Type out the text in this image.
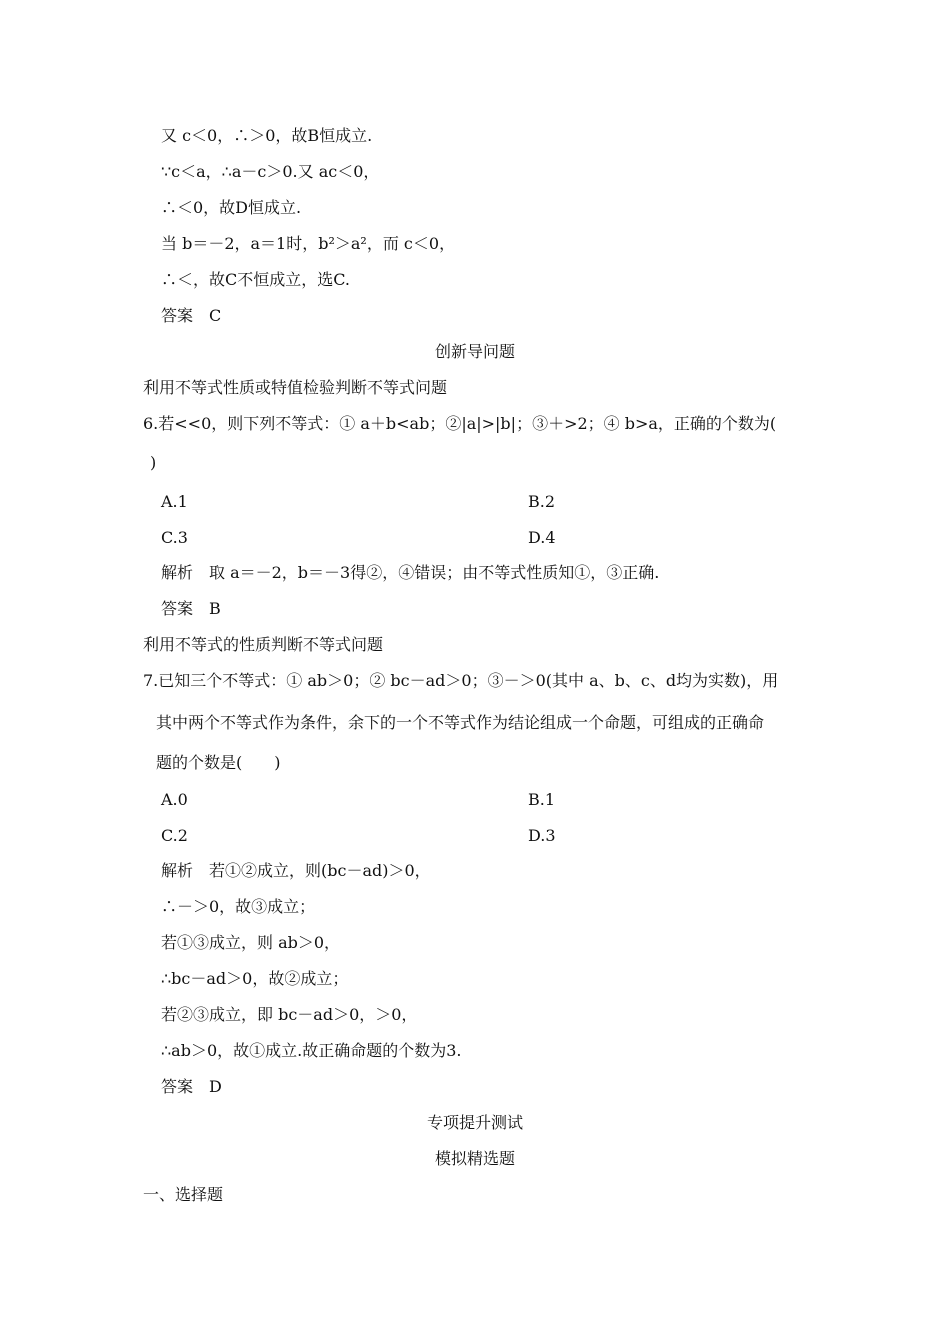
又 c＜0，∴＞0，故B恒成立.
∵c＜a，∴a－c＞0.又 ac＜0，
∴＜0，故D恒成立.
当 b＝－2，a＝1时，b²＞a²，而 c＜0，
∴＜，故C不恒成立，选C.
答案　C
创新导问题
利用不等式性质或特值检验判断不等式问题
6.若<<0，则下列不等式：① a＋b<ab；②|a|>|b|；③＋>2；④ b>a，正确的个数为(
)
A.1	B.2
C.3	D.4
解析　取 a＝－2，b＝－3得②，④错误；由不等式性质知①，③正确.
答案　B
利用不等式的性质判断不等式问题
7.已知三个不等式：① ab＞0；② bc－ad＞0；③－＞0(其中 a、b、c、d均为实数)，用
其中两个不等式作为条件，余下的一个不等式作为结论组成一个命题，可组成的正确命
题的个数是(　　)
A.0	B.1
C.2	D.3
解析　若①②成立，则(bc－ad)＞0，
∴－＞0，故③成立；
若①③成立，则 ab＞0，
∴bc－ad＞0，故②成立；
若②③成立，即 bc－ad＞0，＞0，
∴ab＞0，故①成立.故正确命题的个数为3.
答案　D
专项提升测试
模拟精选题
一、选择题
